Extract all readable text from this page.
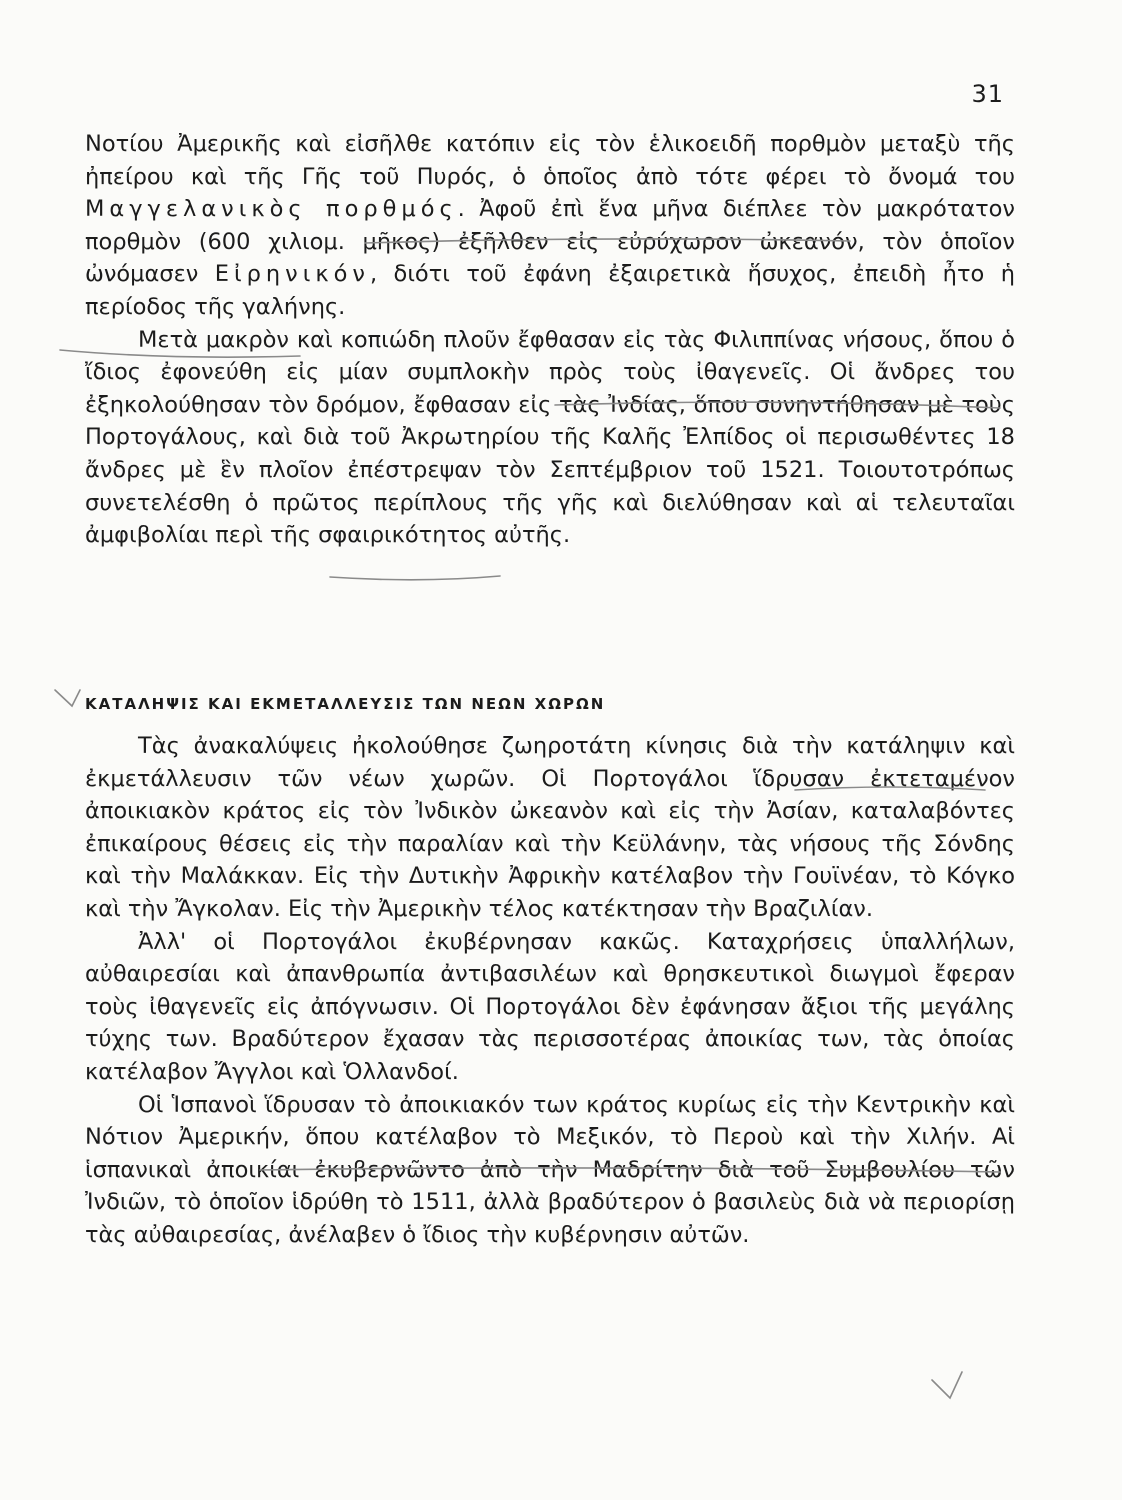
31

Νοτίου Ἀμερικῆς καὶ εἰσῆλθε κατόπιν εἰς τὸν ἑλικοειδῆ πορθμὸν μεταξὺ τῆς ἠπείρου καὶ τῆς Γῆς τοῦ Πυρός, ὁ ὁποῖος ἀπὸ τότε φέρει τὸ ὄνομά του Μαγγελανικὸς πορθμός. Ἀφοῦ ἐπὶ ἕνα μῆνα διέπλεε τὸν μακρότατον πορθμὸν (600 χιλιομ. μῆκος) ἐξῆλθεν εἰς εὐρύχωρον ὠκεανόν, τὸν ὁποῖον ὠνόμασεν Εἰρηνικόν, διότι τοῦ ἐφάνη ἐξαιρετικὰ ἥσυχος, ἐπειδὴ ἦτο ἡ περίοδος τῆς γαλήνης.

Μετὰ μακρὸν καὶ κοπιώδη πλοῦν ἔφθασαν εἰς τὰς Φιλιππίνας νήσους, ὅπου ὁ ἴδιος ἐφονεύθη εἰς μίαν συμπλοκὴν πρὸς τοὺς ἰθαγενεῖς. Οἱ ἄνδρες του ἐξηκολούθησαν τὸν δρόμον, ἔφθασαν εἰς τὰς Ἰνδίας, ὅπου συνηντήθησαν μὲ τοὺς Πορτογάλους, καὶ διὰ τοῦ Ἀκρωτηρίου τῆς Καλῆς Ἐλπίδος οἱ περισωθέντες 18 ἄνδρες μὲ ἓν πλοῖον ἐπέστρεψαν τὸν Σεπτέμβριον τοῦ 1521. Τοιουτοτρόπως συνετελέσθη ὁ πρῶτος περίπλους τῆς γῆς καὶ διελύθησαν καὶ αἱ τελευταῖαι ἀμφιβολίαι περὶ τῆς σφαιρικότητος αὐτῆς.

ΚΑΤΑΛΗΨΙΣ ΚΑΙ ΕΚΜΕΤΑΛΛΕΥΣΙΣ ΤΩΝ ΝΕΩΝ ΧΩΡΩΝ

Τὰς ἀνακαλύψεις ἠκολούθησε ζωηροτάτη κίνησις διὰ τὴν κατάληψιν καὶ ἐκμετάλλευσιν τῶν νέων χωρῶν. Οἱ Πορτογάλοι ἵδρυσαν ἐκτεταμένον ἀποικιακὸν κράτος εἰς τὸν Ἰνδικὸν ὠκεανὸν καὶ εἰς τὴν Ἀσίαν, καταλαβόντες ἐπικαίρους θέσεις εἰς τὴν παραλίαν καὶ τὴν Κεϋλάνην, τὰς νήσους τῆς Σόνδης καὶ τὴν Μαλάκκαν. Εἰς τὴν Δυτικὴν Ἀφρικὴν κατέλαβον τὴν Γουϊνέαν, τὸ Κόγκο καὶ τὴν Ἄγκολαν. Εἰς τὴν Ἀμερικὴν τέλος κατέκτησαν τὴν Βραζιλίαν.

Ἀλλ' οἱ Πορτογάλοι ἐκυβέρνησαν κακῶς. Καταχρήσεις ὑπαλλήλων, αὐθαιρεσίαι καὶ ἀπανθρωπία ἀντιβασιλέων καὶ θρησκευτικοὶ διωγμοὶ ἔφεραν τοὺς ἰθαγενεῖς εἰς ἀπόγνωσιν. Οἱ Πορτογάλοι δὲν ἐφάνησαν ἄξιοι τῆς μεγάλης τύχης των. Βραδύτερον ἔχασαν τὰς περισσοτέρας ἀποικίας των, τὰς ὁποίας κατέλαβον Ἄγγλοι καὶ Ὁλλανδοί.

Οἱ Ἱσπανοὶ ἵδρυσαν τὸ ἀποικιακόν των κράτος κυρίως εἰς τὴν Κεντρικὴν καὶ Νότιον Ἀμερικήν, ὅπου κατέλαβον τὸ Μεξικόν, τὸ Περοὺ καὶ τὴν Χιλήν. Αἱ ἱσπανικαὶ ἀποικίαι ἐκυβερνῶντο ἀπὸ τὴν Μαδρίτην διὰ τοῦ Συμβουλίου τῶν Ἰνδιῶν, τὸ ὁποῖον ἱδρύθη τὸ 1511, ἀλλὰ βραδύτερον ὁ βασιλεὺς διὰ νὰ περιορίσῃ τὰς αὐθαιρεσίας, ἀνέλαβεν ὁ ἴδιος τὴν κυβέρνησιν αὐτῶν.
